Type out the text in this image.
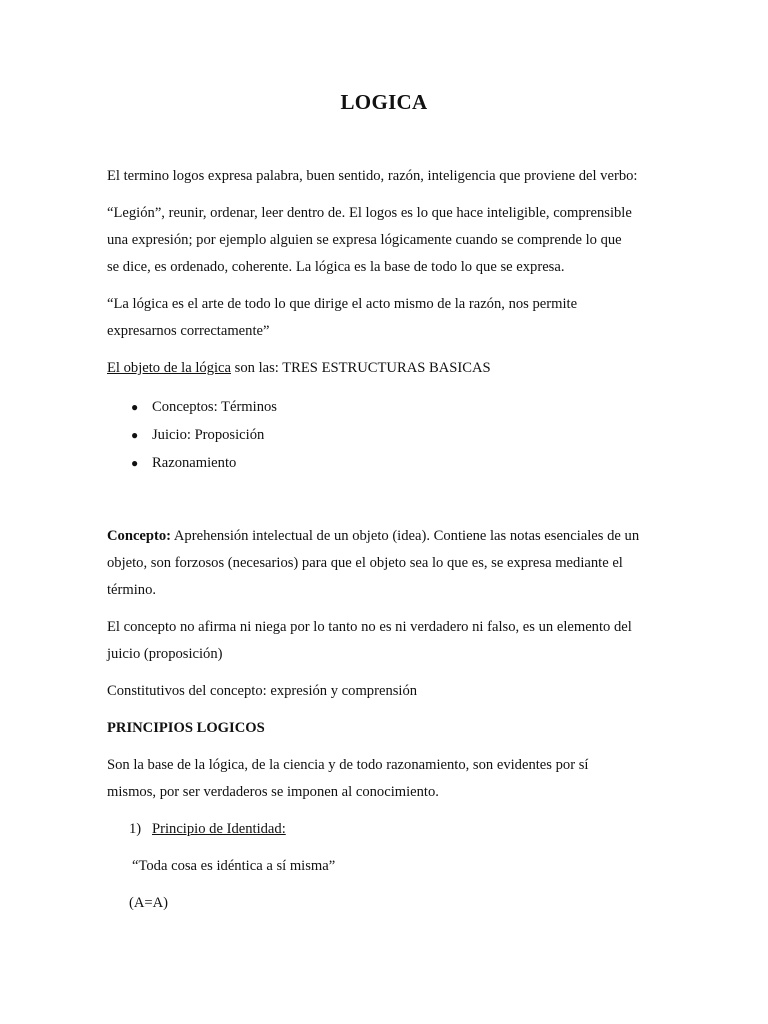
LOGICA
El termino logos expresa palabra, buen sentido, razón, inteligencia que proviene del verbo:
“Legión”, reunir, ordenar, leer dentro de. El logos es lo que hace inteligible, comprensible
una expresión; por ejemplo alguien se expresa lógicamente cuando se comprende lo que
se dice, es ordenado, coherente. La lógica es la base de todo lo que se expresa.
“La lógica es el arte de todo lo que dirige el acto mismo de la razón, nos permite
expresarnos correctamente”
El objeto de la lógica son las: TRES ESTRUCTURAS BASICAS
● Conceptos: Términos
● Juicio: Proposición
● Razonamiento
Concepto: Aprehensión intelectual de un objeto (idea). Contiene las notas esenciales de un
objeto, son forzosos (necesarios) para que el objeto sea lo que es, se expresa mediante el
término.
El concepto no afirma ni niega por lo tanto no es ni verdadero ni falso, es un elemento del
juicio (proposición)
Constitutivos del concepto: expresión y comprensión
PRINCIPIOS LOGICOS
Son la base de la lógica, de la ciencia y de todo razonamiento, son evidentes por sí
mismos, por ser verdaderos se imponen al conocimiento.
1) Principio de Identidad:
“Toda cosa es idéntica a sí misma”
(A=A)
